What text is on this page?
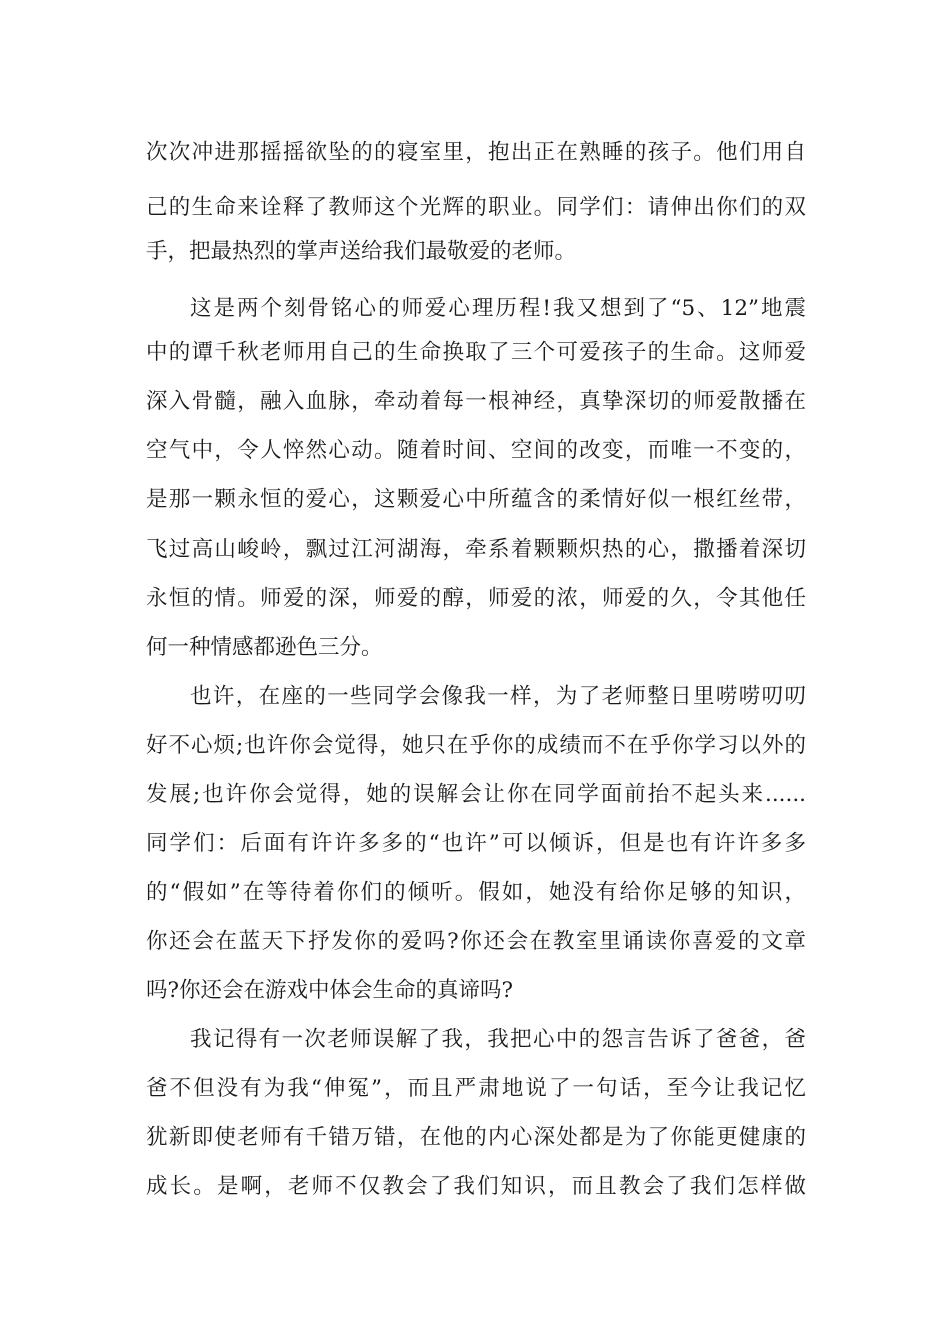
次次冲进那摇摇欲坠的的寝室里，抱出正在熟睡的孩子。他们用自
己的生命来诠释了教师这个光辉的职业。同学们：请伸出你们的双
手，把最热烈的掌声送给我们最敬爱的老师。
这是两个刻骨铭心的师爱心理历程!我又想到了“5、12”地震
中的谭千秋老师用自己的生命换取了三个可爱孩子的生命。这师爱
深入骨髓，融入血脉，牵动着每一根神经，真挚深切的师爱散播在
空气中，令人悴然心动。随着时间、空间的改变，而唯一不变的，
是那一颗永恒的爱心，这颗爱心中所蕴含的柔情好似一根红丝带，
飞过高山峻岭，飘过江河湖海，牵系着颗颗炽热的心，撒播着深切
永恒的情。师爱的深，师爱的醇，师爱的浓，师爱的久，令其他任
何一种情感都逊色三分。
也许，在座的一些同学会像我一样，为了老师整日里唠唠叨叨
好不心烦;也许你会觉得，她只在乎你的成绩而不在乎你学习以外的
发展;也许你会觉得，她的误解会让你在同学面前抬不起头来......
同学们：后面有许许多多的“也许”可以倾诉，但是也有许许多多
的“假如”在等待着你们的倾听。假如，她没有给你足够的知识，
你还会在蓝天下抒发你的爱吗?你还会在教室里诵读你喜爱的文章
吗?你还会在游戏中体会生命的真谛吗?
我记得有一次老师误解了我，我把心中的怨言告诉了爸爸，爸
爸不但没有为我“伸冤”，而且严肃地说了一句话，至今让我记忆
犹新即使老师有千错万错，在他的内心深处都是为了你能更健康的
成长。是啊，老师不仅教会了我们知识，而且教会了我们怎样做
